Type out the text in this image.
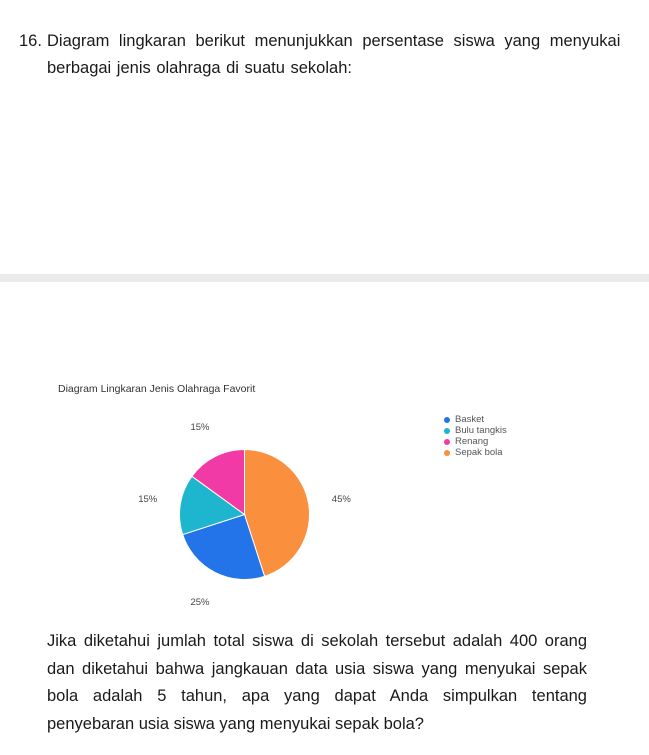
16. Diagram lingkaran berikut menunjukkan persentase siswa yang menyukai
berbagai jenis olahraga di suatu sekolah:
Diagram Lingkaran Jenis Olahraga Favorit
45%
25%
15%
15%
Basket
Bulu tangkis
Renang
Sepak bola
Jika diketahui jumlah total siswa di sekolah tersebut adalah 400 orang dan diketahui bahwa jangkauan data usia siswa yang menyukai sepak bola adalah 5 tahun, apa yang dapat Anda simpulkan tentang penyebaran usia siswa yang menyukai sepak bola?
